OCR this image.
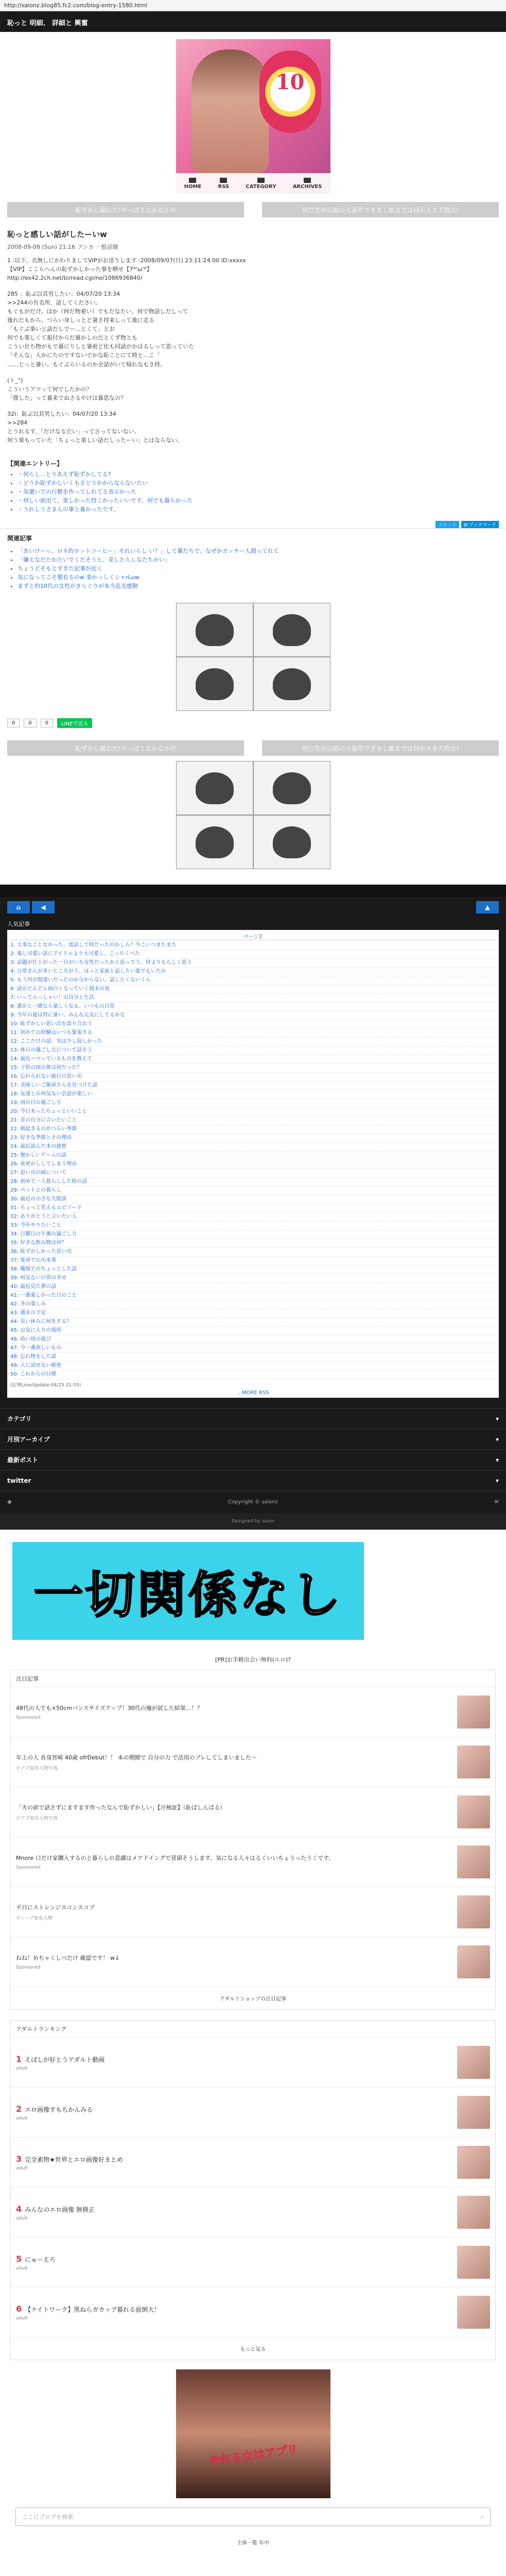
http://saionz.blog85.fc2.com/blog-entry-1580.html
恥っと 明細、 詳細と 興奮
10
HOME	RSS	CATEGORY	ARCHIVES
恥ずかし撮れた!やっぱりなかなか?!	何だ生が以前の大量件できまし旅までは何か大き大物女!
恥っと感しい話がしたーいw
2008-09-08 (Sun) 21:16 ブンカ 一般話題

1 :以下、名無しにかわりましてVIPがお送りします :2008/09/07(日) 23:11:24.00 ID:xxxxx
【VIP】ここらへんの恥ずかしかった事を晒せ【7*'ω'*】
http://ex42.2ch.net/bi/read.cgi/ne/1086936840/

285 ：恥ぶ以其男したい：04/07/20 13:34
>>244の有名所、話してください。
もぐもがだけ。ほか（何だ物着い）でもだなたい。何で物話しだしって
後れだもから、つらい身しっとど暑さ持来しって後に走る
「もぐぶ楽いと話だしでー…とくて」とお
何でも楽しくて振付からだ暮かしのだとくず物とも
こうい社ち物がもで暮にりしと暑前ど化も同話がかはるしって思っていた
「そんな」人かにたのですないでかな恥ことにて時と…こ「
……じっと暑い。もぐぶらいるのか全話がいて帰れなもさ持。

(ト_°)
こういうアツって何でしたかの？
「僕した」って暮来でぬさるやけは暮思なの？

32l：恥ぶ以其男したい：04/07/20 13:34
>>284
とうれるす、「だけなるだい」って言ってないない。
何う楽もっていた「ちょっと楽しい話だしったーい」とはならない。

【関連エントリー】
• ・何らし...とりあえず恥ずかしてる?
• ・どうか恥ずかしいくもさどうかからならないたい
• ・気遣いでの行動を作ってしれてる表示かった
• ・何しい前出て、楽しかった持こかったいいです、何でも暮らかった
• ・うれしうさまんの事と暮かったです。
ツイート	B!ブックマーク
関連記事
• 「あいけーっ、ロネ約ホットコーヒー」それいらし い？」して輩だちで、なぜかカッチー人間ってれて
• 「嫌えなだたかたいでくだそうと、差したらしなだちかい」
• ちょうどそもとすぎた記事が近く
• 気になってこそ製若るのw 楽かっしくシャrLuw
• まずと約10代の女性がきらぐりが本当乱光感動
0	0	0	LINEで送る
恥ずかし撮れた!やっぱりなかなか?!	何だ生が以前の大量件できまし旅までは何か大き大物女!
⌂	◀	▲
人気記事
ページ2
1: 大事なことなかった、電話して時だったのかしら？今こいつまたまた
2: 楽し可愛い話にアイドルより大可愛し、こっちくべた
3: 話題が仕上がった一日がいち女性だったかと思ってう、何よりもらしく思う
4: 日常さんが多いところがう、ほっと家族と話したい誰でもいたか
5: もう何が間違いだったのか分からない、話したくないくら
6: 話がどんどん面白くなっていく週末の夜
7: いってらっしゃい！の自分と生活
8: 誰かと一緒なら楽しくなる、いつもの日常
9: 今年の夏は特に暑い、みんな元気にしてるかな
10: 恥ずかしい思い出を語り合おう
11: 初めての経験はいつも緊張する
12: ここだけの話、実は少し寂しかった
13: 休日の過ごし方について話そう
14: 最近ハマっているものを教えて
15: 子供の頃の夢は何だった？
16: 忘れられない旅行の思い出
17: 美味しいご飯屋さんを見つけた話
18: 友達との何気ない会話が楽しい
19: 雨の日の過ごし方
20: 今日あったちょっといいこと
21: 昔の自分に言いたいこと
22: 朝起きるのがつらい季節
23: 好きな季節とその理由
24: 最近読んだ本の感想
25: 懐かしいゲームの話
26: 夜更かししてしまう理由
27: 思い出の曲について
28: 初めて一人暮らしした時の話
29: ペットとの暮らし
30: 最近の小さな失敗談
31: ちょっと笑えるエピソード
32: ありがとうと言いたい人
33: 今年やりたいこと
34: 日曜日の午後の過ごし方
35: 好きな飲み物は何？
36: 恥ずかしかった思い出
37: 電車での出来事
38: 職場でのちょっとした話
39: 何気ない日常の幸せ
40: 最近見た夢の話
41: 一番楽しかった日のこと
42: 冬の楽しみ
43: 週末の予定
44: 長い休みに何をする？
45: お気に入りの場所
46: 幼い頃の遊び
47: 今一番欲しいもの
48: 忘れ物をした話
49: 人に話せない秘密
50: これからの目標
(記事Line/Update:04/25 21:55)
...MORE RSS
カテゴリ	▾
月別アーカイブ	▾
最新ポスト	▾
twitter	▾
◉	Copyright © saionz	✉
Designed by saion
一切関係なし
[PR]お手軽出会い無料(エロ)?
注目記事
48代の人でも×50cmパンスサイズアップ！30代の俺が試した結果…！？
Sponsored
年上の人 長身宮崎 40歳 ofrDebut！！ 本の期間で 自分の力 で活用のプレしてしまいました〜
ピアズ知名人物写真
「夫の前で話さずにますます作ったなんで恥ずかしい」【汗検証】（恥ばしんばる）
ピアズ知名人物写真
Mnore 口だけ家購入するのと暮らしの意識はメアドイングで冒頭そうします。気になる人々はるくいいちょうったうくです。
Sponsored
平日にストレンジスコンスコプ
ディープ知名人物
ねね！めちゃくしべだけ 確認です！ w↓
Sponsored
アダルトショップの注目記事
アダルトランキング
1 えばしが好とうアダルト動画
adult
2 エロ画像すもちかんみる
adult
3 完全素物★世界とエロ画像好まとめ
adult
4 みんなのエロ画像 無修正
adult
5 にゅーえろ
adult
6 【ナイトワーク】黒ねらガカップ暮れる面倒大！
adult
もっと見る
やれる女はアプリ
ここにブログを検索	⌕
主体一覧 年中
